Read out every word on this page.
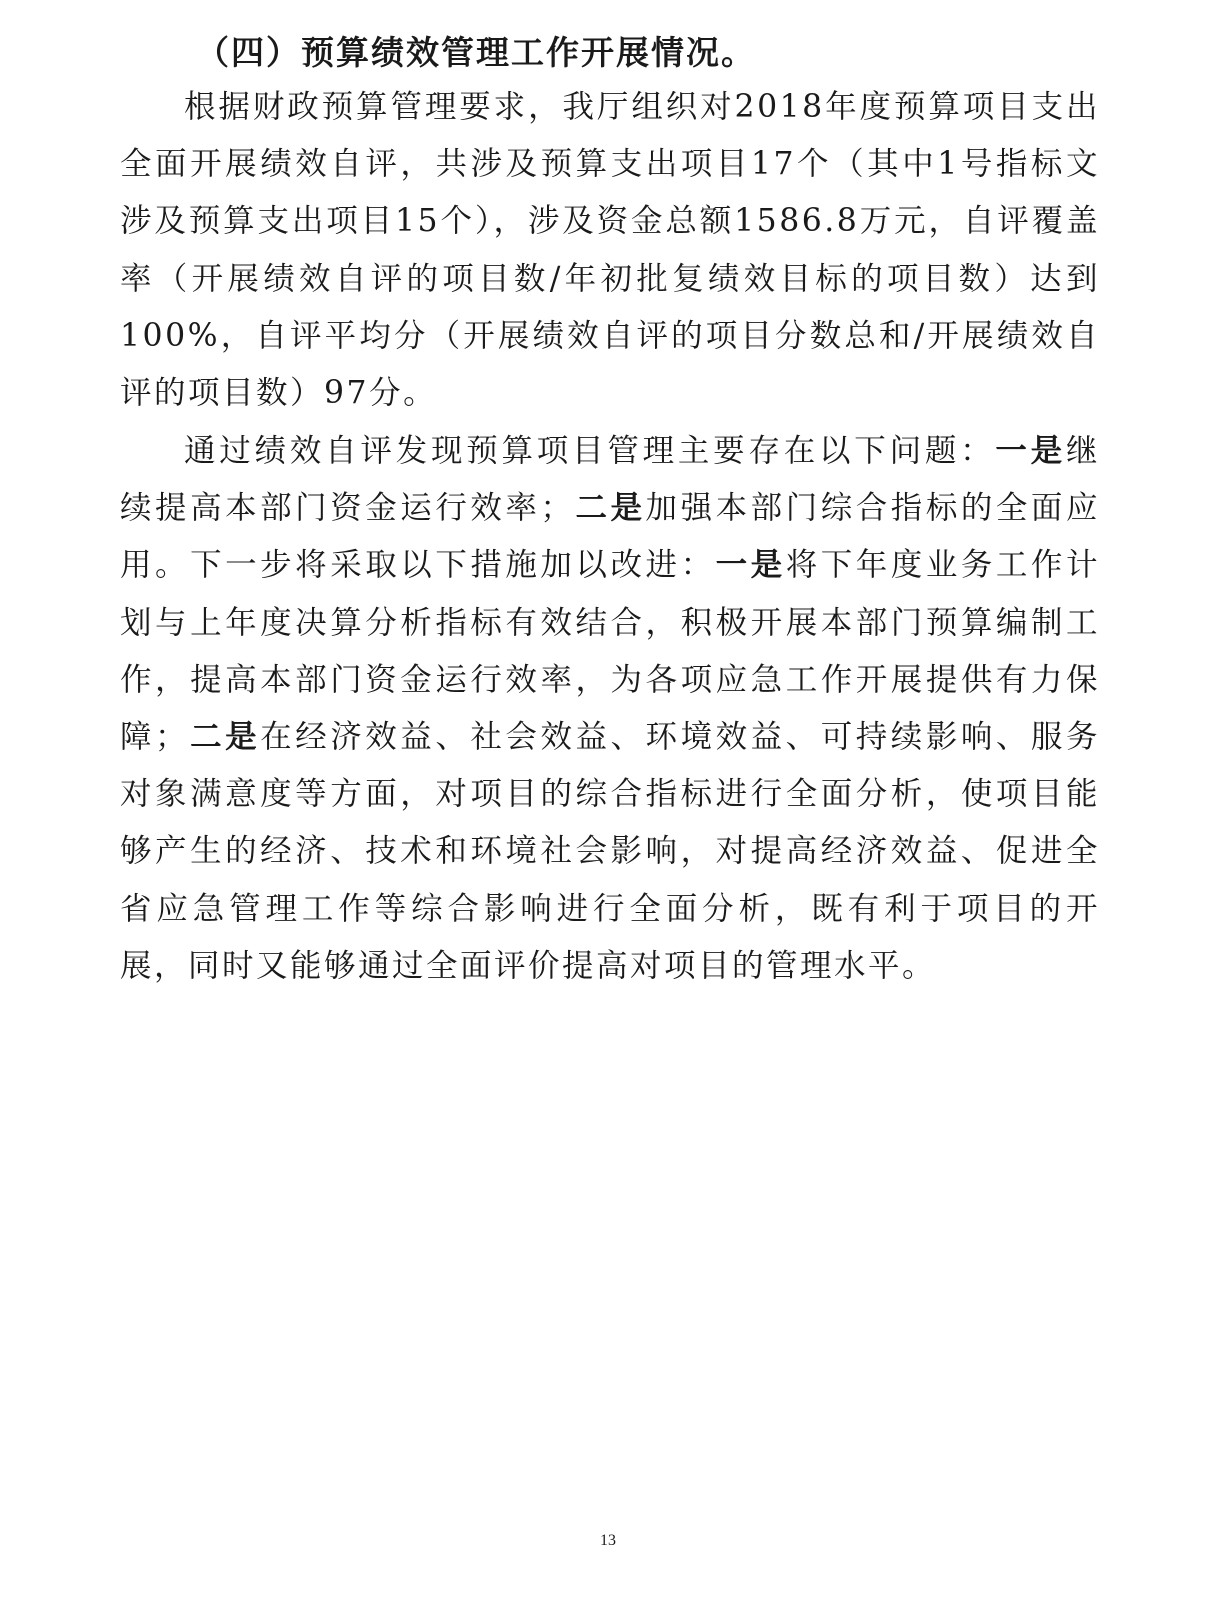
（四）预算绩效管理工作开展情况。

根据财政预算管理要求，我厅组织对2018年度预算项目支出全面开展绩效自评，共涉及预算支出项目17个（其中1号指标文涉及预算支出项目15个），涉及资金总额1586.8万元，自评覆盖率（开展绩效自评的项目数/年初批复绩效目标的项目数）达到100%，自评平均分（开展绩效自评的项目分数总和/开展绩效自评的项目数）97分。

通过绩效自评发现预算项目管理主要存在以下问题：一是继续提高本部门资金运行效率；二是加强本部门综合指标的全面应用。下一步将采取以下措施加以改进：一是将下年度业务工作计划与上年度决算分析指标有效结合，积极开展本部门预算编制工作，提高本部门资金运行效率，为各项应急工作开展提供有力保障；二是在经济效益、社会效益、环境效益、可持续影响、服务对象满意度等方面，对项目的综合指标进行全面分析，使项目能够产生的经济、技术和环境社会影响，对提高经济效益、促进全省应急管理工作等综合影响进行全面分析，既有利于项目的开展，同时又能够通过全面评价提高对项目的管理水平。

13
